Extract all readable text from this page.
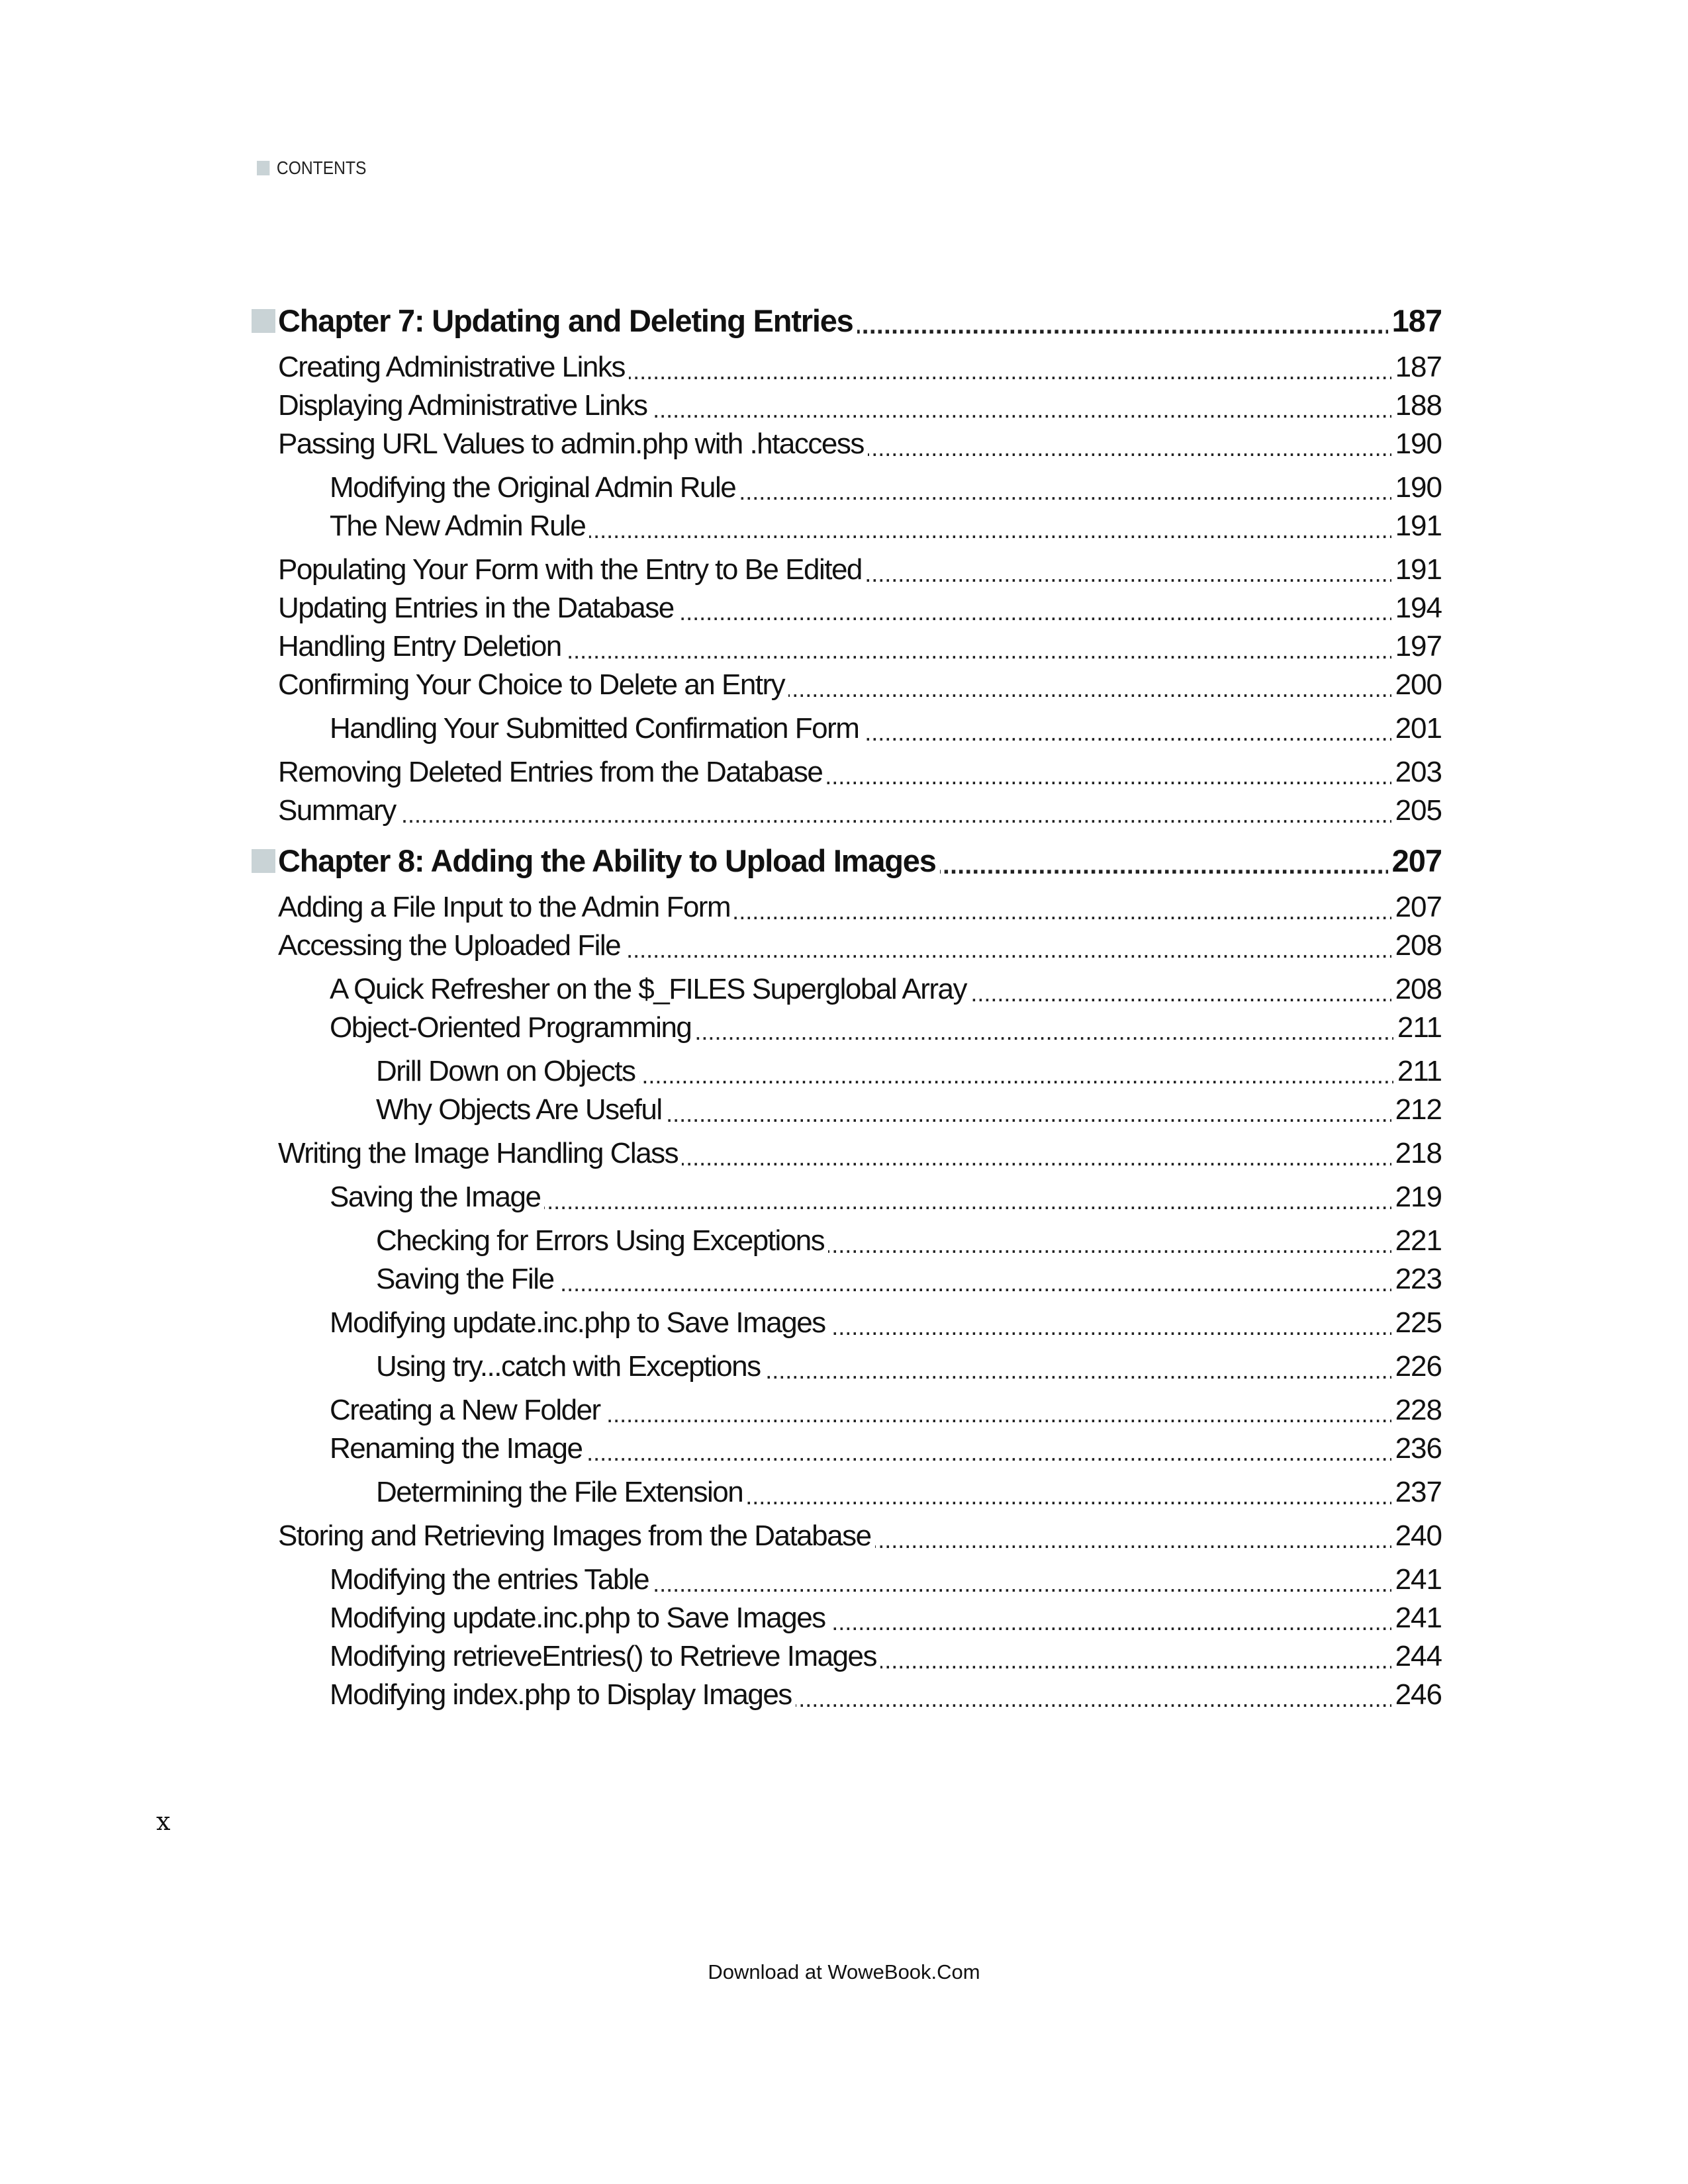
CONTENTS
Chapter 7: Updating and Deleting Entries . . .	187
Creating Administrative Links . . .	187
Displaying Administrative Links . . .	188
Passing URL Values to admin.php with .htaccess . . .	190
Modifying the Original Admin Rule . . .	190
The New Admin Rule . . .	191
Populating Your Form with the Entry to Be Edited . . .	191
Updating Entries in the Database . . .	194
Handling Entry Deletion . . .	197
Confirming Your Choice to Delete an Entry . . .	200
Handling Your Submitted Confirmation Form . . .	201
Removing Deleted Entries from the Database . . .	203
Summary . . .	205
Chapter 8: Adding the Ability to Upload Images . . .	207
Adding a File Input to the Admin Form . . .	207
Accessing the Uploaded File . . .	208
A Quick Refresher on the $_FILES Superglobal Array . . .	208
Object-Oriented Programming . . .	211
Drill Down on Objects . . .	211
Why Objects Are Useful . . .	212
Writing the Image Handling Class . . .	218
Saving the Image . . .	219
Checking for Errors Using Exceptions . . .	221
Saving the File . . .	223
Modifying update.inc.php to Save Images . . .	225
Using try...catch with Exceptions . . .	226
Creating a New Folder . . .	228
Renaming the Image . . .	236
Determining the File Extension . . .	237
Storing and Retrieving Images from the Database . . .	240
Modifying the entries Table . . .	241
Modifying update.inc.php to Save Images . . .	241
Modifying retrieveEntries() to Retrieve Images . . .	244
Modifying index.php to Display Images . . .	246
x
Download at WoweBook.Com
